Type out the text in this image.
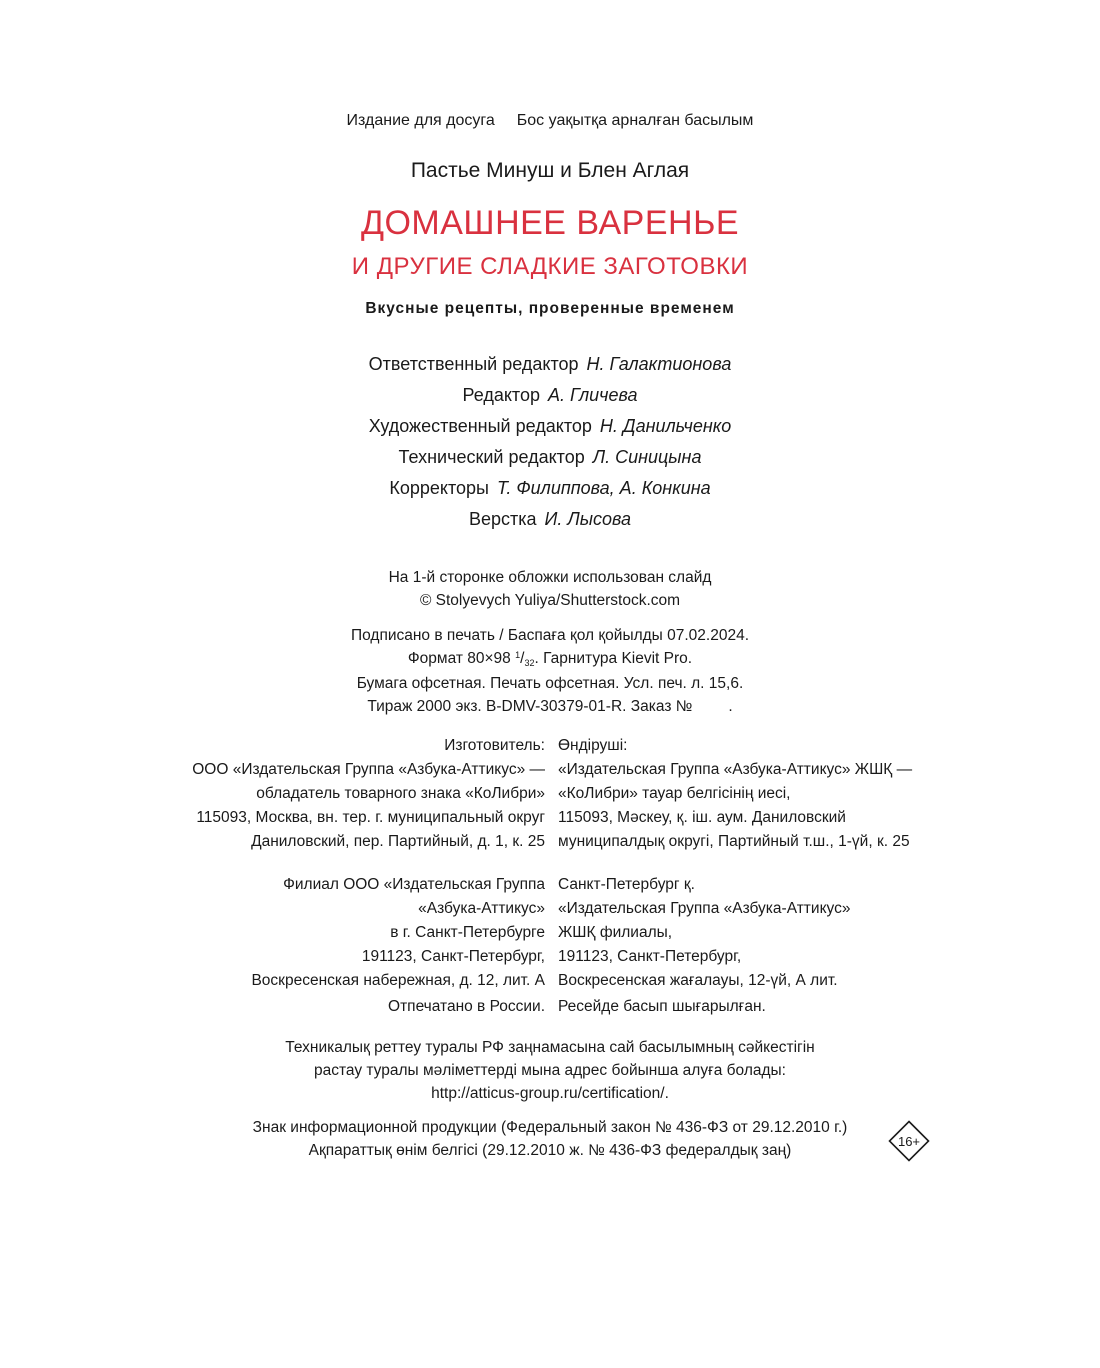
Издание для досуга Бос уақытқа арналған басылым
Пастье Минуш и Блен Аглая
ДОМАШНЕЕ ВАРЕНЬЕ
И ДРУГИЕ СЛАДКИЕ ЗАГОТОВКИ
Вкусные рецепты, проверенные временем
Ответственный редактор Н. Галактионова
Редактор А. Гличева
Художественный редактор Н. Данильченко
Технический редактор Л. Синицына
Корректоры Т. Филиппова, А. Конкина
Верстка И. Лысова
На 1-й сторонке обложки использован слайд
© Stolyevych Yuliya/Shutterstock.com
Подписано в печать / Баспаға қол қойылды 07.02.2024.
Формат 80×98 $^1$/32. Гарнитура Kievit Pro.
Бумага офсетная. Печать офсетная. Усл. печ. л. 15,6.
Тираж 2000 экз. B-DMV-30379-01-R. Заказ № .
Изготовитель:
ООО «Издательская Группа «Азбука-Аттикус» —
обладатель товарного знака «КоЛибри»
115093, Москва, вн. тер. г. муниципальный округ
Даниловский, пер. Партийный, д. 1, к. 25
Өндіруші:
«Издательская Группа «Азбука-Аттикус» ЖШҚ —
«КоЛибри» тауар белгісінің иесі,
115093, Мәскеу, қ. іш. аум. Даниловский
муниципалдық округі, Партийный т.ш., 1-үй, к. 25
Филиал ООО «Издательская Группа
«Азбука-Аттикус»
в г. Санкт-Петербурге
191123, Санкт-Петербург,
Воскресенская набережная, д. 12, лит. А
Санкт-Петербург қ.
«Издательская Группа «Азбука-Аттикус»
ЖШҚ филиалы,
191123, Санкт-Петербург,
Воскресенская жағалауы, 12-үй, А лит.
Отпечатано в России. Ресейде басып шығарылған.
Техникалық реттеу туралы РФ заңнамасына сай басылымның сәйкестігін
растау туралы мәліметтерді мына адрес бойынша алуға болады:
http://atticus-group.ru/certification/.
Знак информационной продукции (Федеральный закон № 436-ФЗ от 29.12.2010 г.)
Ақпараттық өнім белгісі (29.12.2010 ж. № 436-ФЗ федералдық заң)
16+
